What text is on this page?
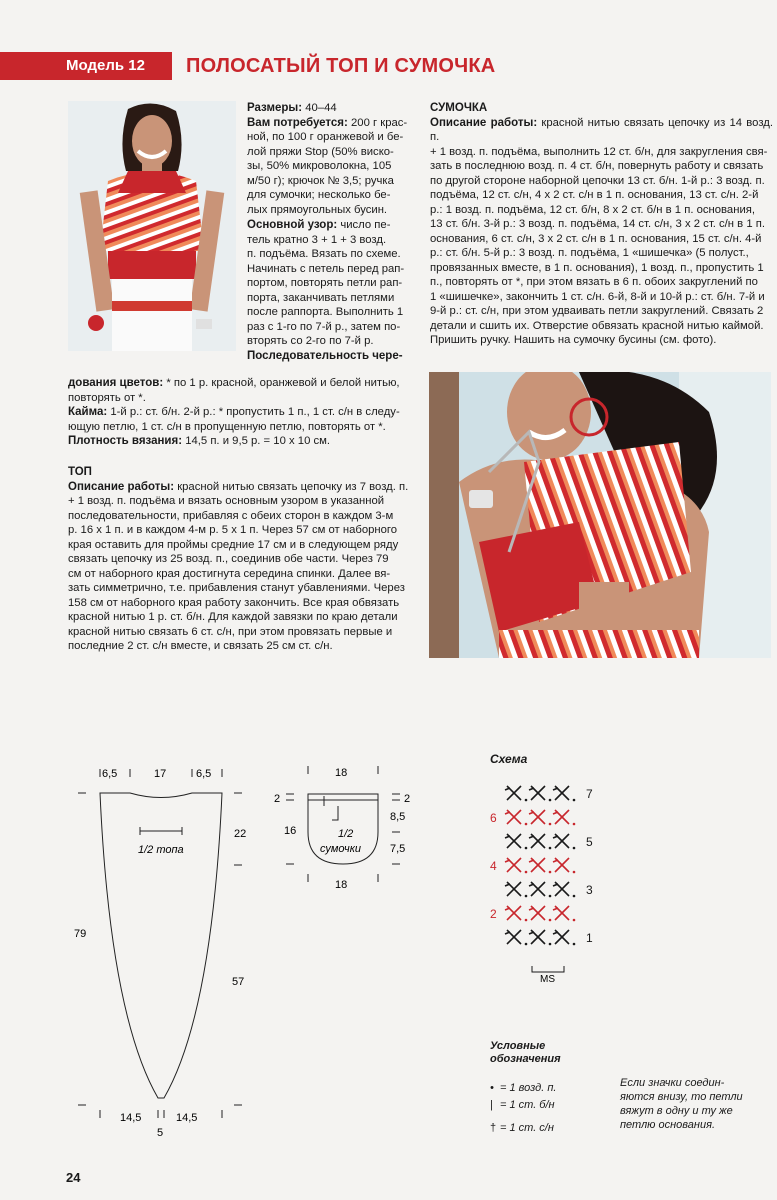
Модель 12	ПОЛОСАТЫЙ ТОП И СУМОЧКА
Размеры: 40–44
Вам потребуется: 200 г крас-
ной, по 100 г оранжевой и бе-
лой пряжи Stop (50% виско-
зы, 50% микроволокна, 105
м/50 г); крючок № 3,5; ручка
для сумочки; несколько бе-
лых прямоугольных бусин.
Основной узор: число пе-
тель кратно 3 + 1 + 3 возд.
п. подъёма. Вязать по схеме.
Начинать с петель перед рап-
портом, повторять петли рап-
порта, заканчивать петлями
после раппорта. Выполнить 1
раз с 1-го по 7-й р., затем по-
вторять со 2-го по 7-й р.
Последовательность чере-
дования цветов: * по 1 р. красной, оранжевой и белой нитью,
повторять от *.
Кайма: 1-й р.: ст. б/н. 2-й р.: * пропустить 1 п., 1 ст. с/н в следу-
ющую петлю, 1 ст. с/н в пропущенную петлю, повторять от *.
Плотность вязания: 14,5 п. и 9,5 р. = 10 х 10 см.
ТОП
Описание работы: красной нитью связать цепочку из 7 возд. п.
+ 1 возд. п. подъёма и вязать основным узором в указанной
последовательности, прибавляя с обеих сторон в каждом 3-м
р. 16 х 1 п. и в каждом 4-м р. 5 х 1 п. Через 57 см от наборного
края оставить для проймы средние 17 см и в следующем ряду
связать цепочку из 25 возд. п., соединив обе части. Через 79
см от наборного края достигнута середина спинки. Далее вя-
зать симметрично, т.е. прибавления станут убавлениями. Через
158 см от наборного края работу закончить. Все края обвязать
красной нитью 1 р. ст. б/н. Для каждой завязки по краю детали
красной нитью связать 6 ст. с/н, при этом провязать первые и
последние 2 ст. с/н вместе, и связать 25 см ст. с/н.
СУМОЧКА
Описание работы: красной нитью связать цепочку из 14 возд. п.
+ 1 возд. п. подъёма, выполнить 12 ст. б/н, для закругления свя-
зать в последнюю возд. п. 4 ст. б/н, повернуть работу и связать
по другой стороне наборной цепочки 13 ст. б/н. 1-й р.: 3 возд. п.
подъёма, 12 ст. с/н, 4 х 2 ст. с/н в 1 п. основания, 13 ст. с/н. 2-й
р.: 1 возд. п. подъёма, 12 ст. б/н, 8 х 2 ст. б/н в 1 п. основания,
13 ст. б/н. 3-й р.: 3 возд. п. подъёма, 14 ст. с/н, 3 х 2 ст. с/н в 1 п.
основания, 6 ст. с/н, 3 х 2 ст. с/н в 1 п. основания, 15 ст. с/н. 4-й
р.: ст. б/н. 5-й р.: 3 возд. п. подъёма, 1 «шишечка» (5 полуст.,
провязанных вместе, в 1 п. основания), 1 возд. п., пропустить 1
п., повторять от *, при этом вязать в 6 п. обоих закруглений по
1 «шишечке», закончить 1 ст. с/н. 6-й, 8-й и 10-й р.: ст. б/н. 7-й и
9-й р.: ст. с/н, при этом удваивать петли закруглений. Связать 2
детали и сшить их. Отверстие обвязать красной нитью каймой.
Пришить ручку. Нашить на сумочку бусины (см. фото).
6,5	17	6,5
22
79
57
14,5	14,5
5
1/2 топа
18
18
2	2
16
8,5
7,5
1/2
сумочки
Схема
7
6
5
4
3
2
1
MS
Условные
обозначения
• = 1 возд. п.
| = 1 ст. б/н
† = 1 ст. с/н
Если значки соедин-
яются внизу, то петли
вяжут в одну и ту же
петлю основания.
24
